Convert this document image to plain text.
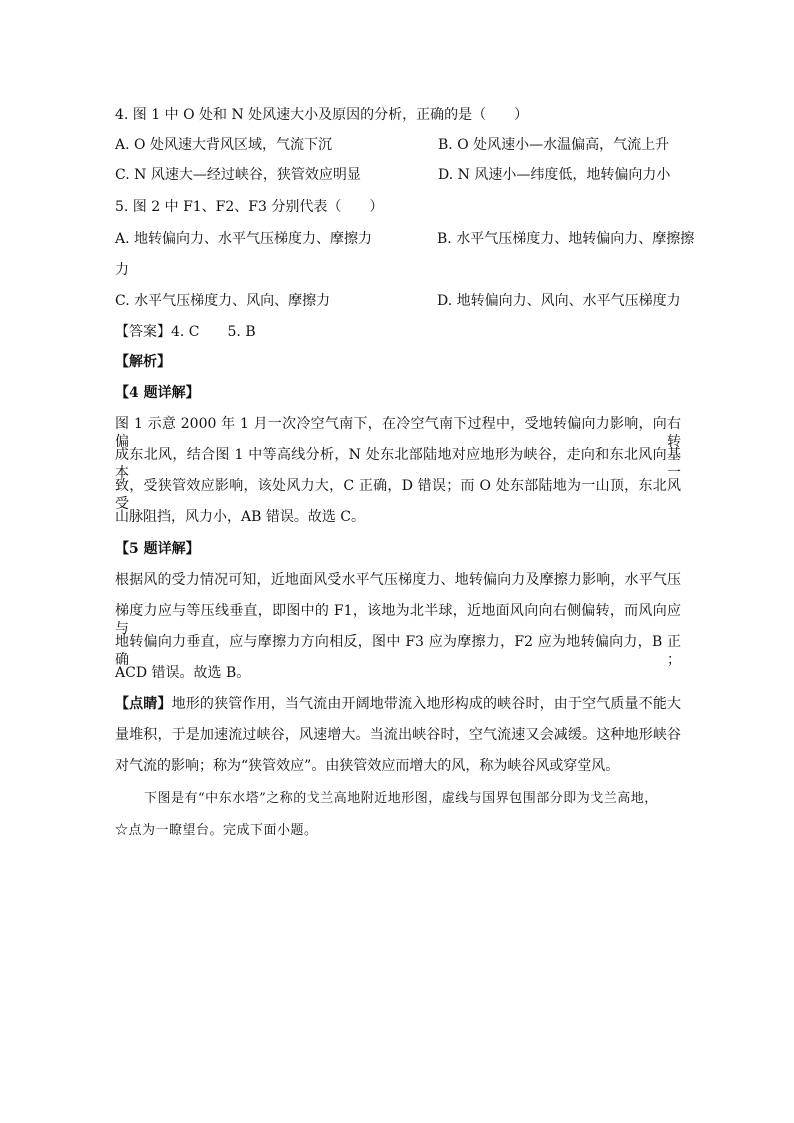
4. 图 1 中 O 处和 N 处风速大小及原因的分析，正确的是（　　）
A. O 处风速大背风区域，气流下沉	B. O 处风速小—水温偏高，气流上升
C. N 风速大—经过峡谷，狭管效应明显	D. N 风速小—纬度低，地转偏向力小
5. 图 2 中 F1、F2、F3 分别代表（　　）
A. 地转偏向力、水平气压梯度力、摩擦力	B. 水平气压梯度力、地转偏向力、摩擦擦
力
C. 水平气压梯度力、风向、摩擦力	D. 地转偏向力、风向、水平气压梯度力
【答案】4. C　　5. B
【解析】
【4 题详解】
图 1 示意 2000 年 1 月一次冷空气南下，在冷空气南下过程中，受地转偏向力影响，向右偏转
成东北风，结合图 1 中等高线分析，N 处东北部陆地对应地形为峡谷，走向和东北风向基本一
致，受狭管效应影响，该处风力大，C 正确，D 错误；而 O 处东部陆地为一山顶，东北风受
山脉阻挡，风力小，AB 错误。故选 C。
【5 题详解】
根据风的受力情况可知，近地面风受水平气压梯度力、地转偏向力及摩擦力影响，水平气压
梯度力应与等压线垂直，即图中的 F1，该地为北半球，近地面风向向右侧偏转，而风向应与
地转偏向力垂直，应与摩擦力方向相反，图中 F3 应为摩擦力，F2 应为地转偏向力，B 正确；
ACD 错误。故选 B。
【点睛】地形的狭管作用，当气流由开阔地带流入地形构成的峡谷时，由于空气质量不能大
量堆积，于是加速流过峡谷，风速增大。当流出峡谷时，空气流速又会减缓。这种地形峡谷
对气流的影响；称为“狭管效应”。由狭管效应而增大的风，称为峡谷风或穿堂风。
下图是有“中东水塔”之称的戈兰高地附近地形图，虚线与国界包围部分即为戈兰高地，
☆点为一瞭望台。完成下面小题。
